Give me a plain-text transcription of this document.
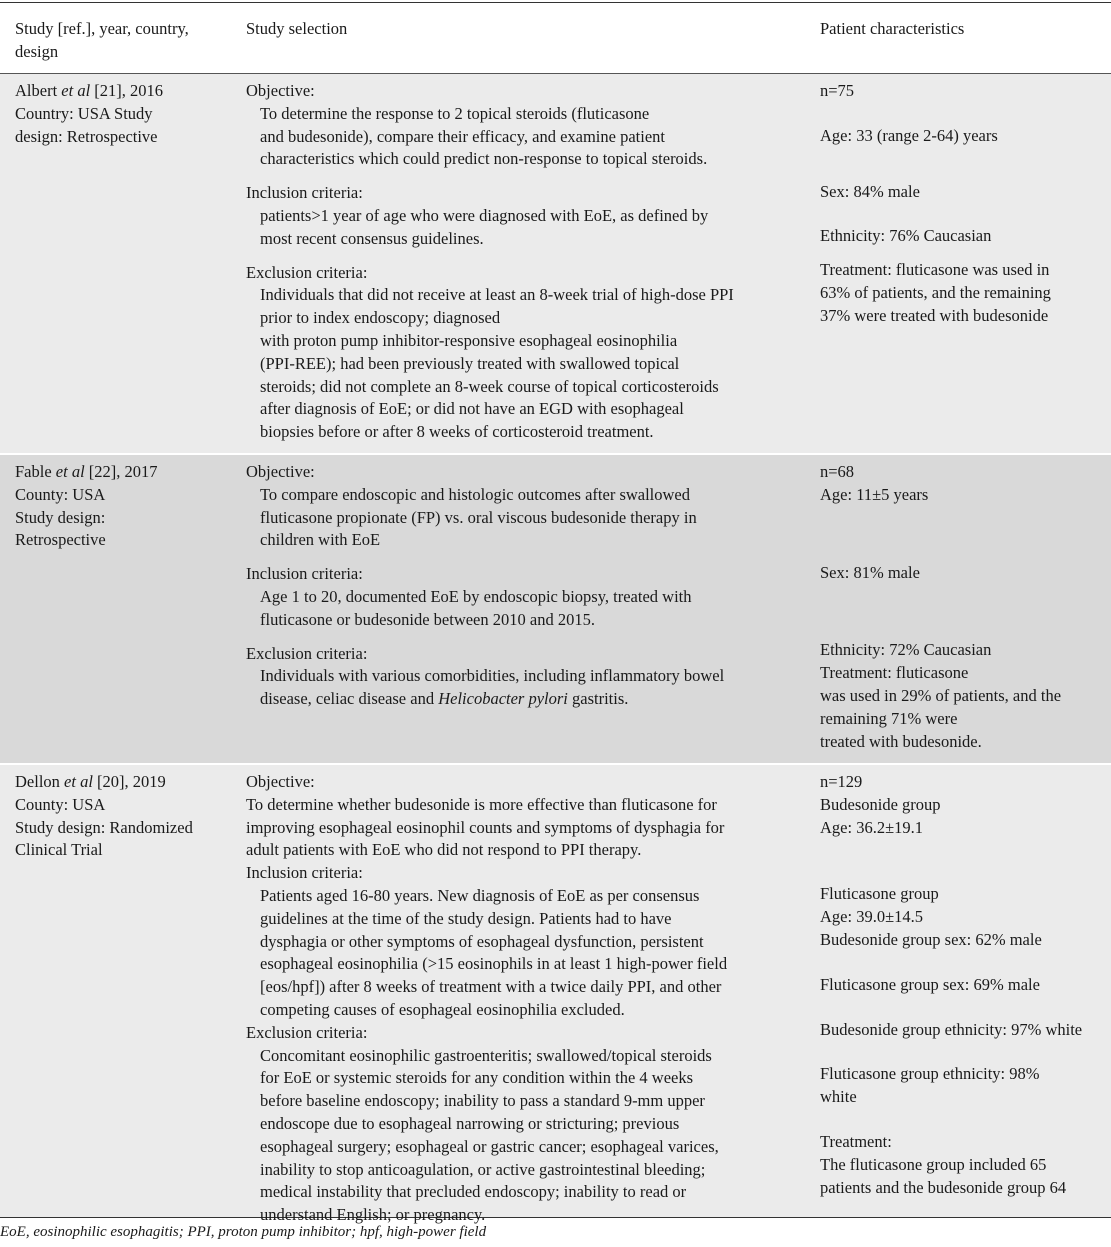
Study [ref.], year, country,
design
Study selection	Patient characteristics
Albert et al [21], 2016
Country: USA Study
design: Retrospective
Objective:
To determine the response to 2 topical steroids (fluticasone
and budesonide), compare their efficacy, and examine patient
characteristics which could predict non-response to topical steroids.
Inclusion criteria:
patients>1 year of age who were diagnosed with EoE, as defined by
most recent consensus guidelines.
Exclusion criteria:
Individuals that did not receive at least an 8-week trial of high-dose PPI
prior to index endoscopy; diagnosed
with proton pump inhibitor-responsive esophageal eosinophilia
(PPI-REE); had been previously treated with swallowed topical
steroids; did not complete an 8-week course of topical corticosteroids
after diagnosis of EoE; or did not have an EGD with esophageal
biopsies before or after 8 weeks of corticosteroid treatment.
n=75
Age: 33 (range 2-64) years
Sex: 84% male
Ethnicity: 76% Caucasian
Treatment: fluticasone was used in
63% of patients, and the remaining
37% were treated with budesonide
Fable et al [22], 2017
County: USA
Study design:
Retrospective
Objective:
To compare endoscopic and histologic outcomes after swallowed
fluticasone propionate (FP) vs. oral viscous budesonide therapy in
children with EoE
Inclusion criteria:
Age 1 to 20, documented EoE by endoscopic biopsy, treated with
fluticasone or budesonide between 2010 and 2015.
Exclusion criteria:
Individuals with various comorbidities, including inflammatory bowel
disease, celiac disease and Helicobacter pylori gastritis.
n=68
Age: 11±5 years
Sex: 81% male
Ethnicity: 72% Caucasian
Treatment: fluticasone
was used in 29% of patients, and the
remaining 71% were
treated with budesonide.
Dellon et al [20], 2019
County: USA
Study design: Randomized
Clinical Trial
Objective:
To determine whether budesonide is more effective than fluticasone for
improving esophageal eosinophil counts and symptoms of dysphagia for
adult patients with EoE who did not respond to PPI therapy.
Inclusion criteria:
Patients aged 16-80 years. New diagnosis of EoE as per consensus
guidelines at the time of the study design. Patients had to have
dysphagia or other symptoms of esophageal dysfunction, persistent
esophageal eosinophilia (>15 eosinophils in at least 1 high-power field
[eos/hpf]) after 8 weeks of treatment with a twice daily PPI, and other
competing causes of esophageal eosinophilia excluded.
Exclusion criteria:
Concomitant eosinophilic gastroenteritis; swallowed/topical steroids
for EoE or systemic steroids for any condition within the 4 weeks
before baseline endoscopy; inability to pass a standard 9-mm upper
endoscope due to esophageal narrowing or stricturing; previous
esophageal surgery; esophageal or gastric cancer; esophageal varices,
inability to stop anticoagulation, or active gastrointestinal bleeding;
medical instability that precluded endoscopy; inability to read or
understand English; or pregnancy.
n=129
Budesonide group
Age: 36.2±19.1
Fluticasone group
Age: 39.0±14.5
Budesonide group sex: 62% male
Fluticasone group sex: 69% male
Budesonide group ethnicity: 97% white
Fluticasone group ethnicity: 98%
white
Treatment:
The fluticasone group included 65
patients and the budesonide group 64
EoE, eosinophilic esophagitis; PPI, proton pump inhibitor; hpf, high-power field
